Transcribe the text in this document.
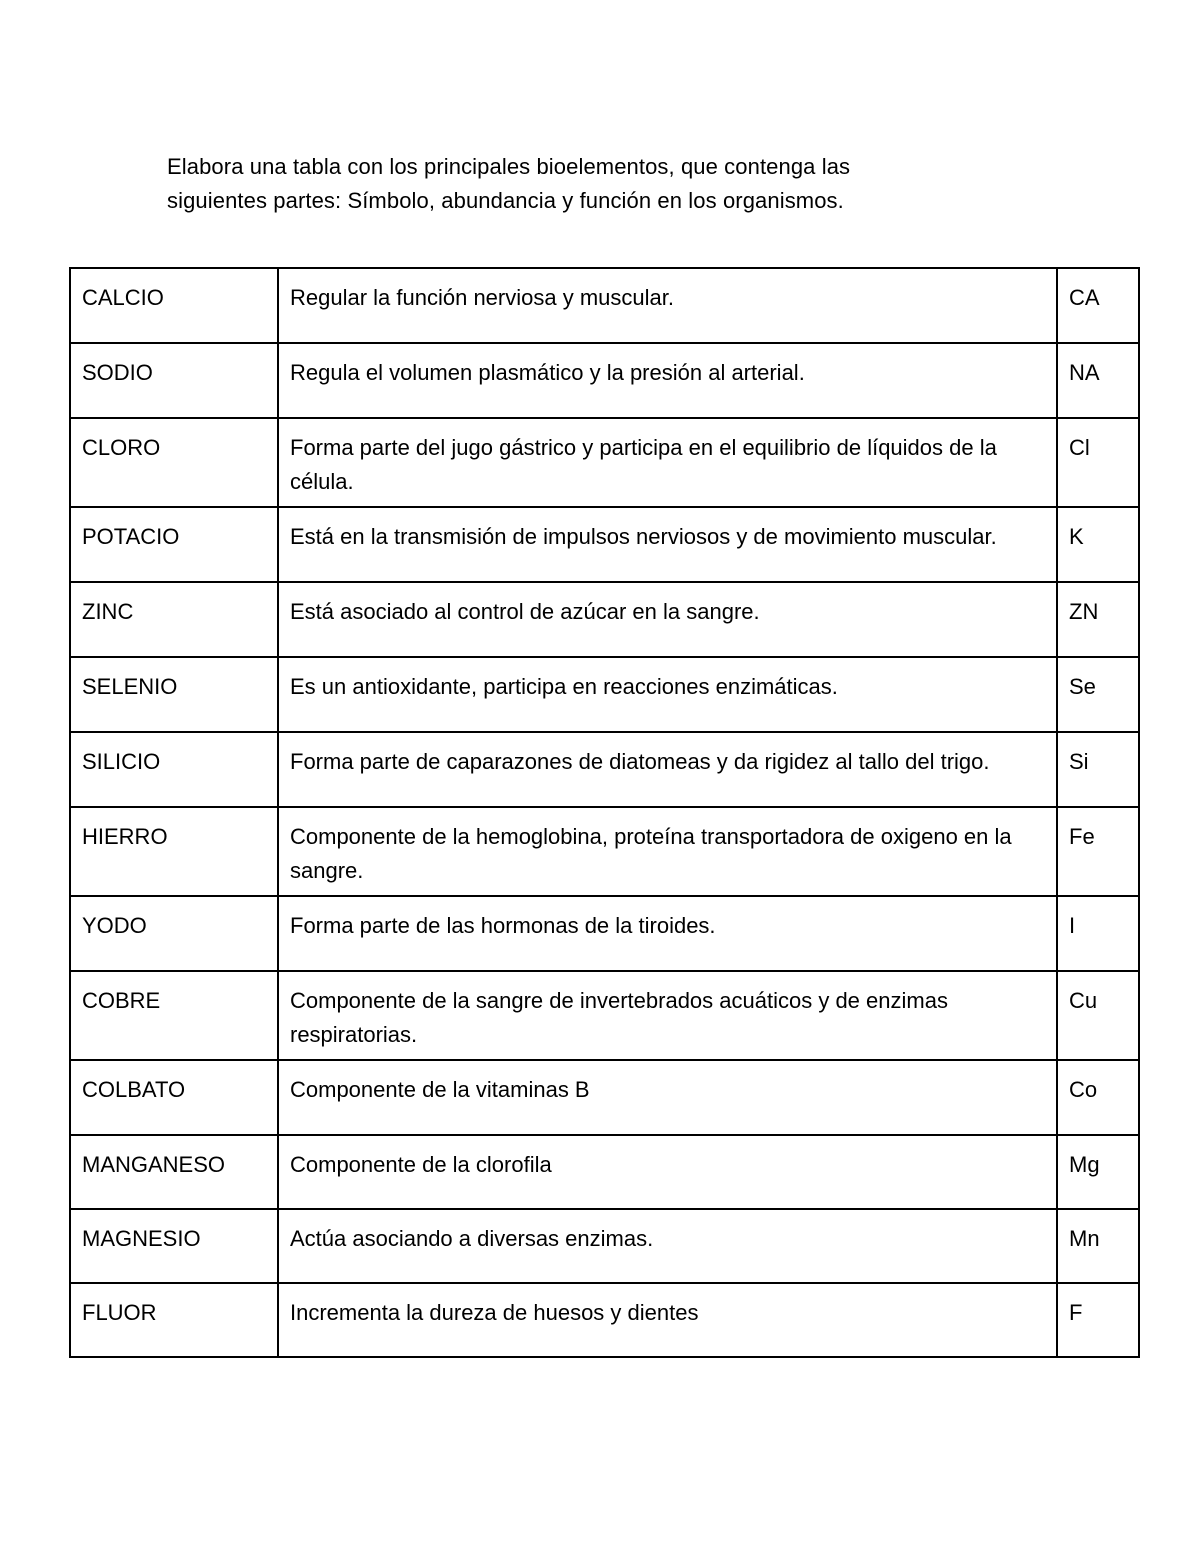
Elabora una tabla con los principales bioelementos, que contenga las

siguientes partes: Símbolo, abundancia y función en los organismos.

CALCIO	Regular la función nerviosa y muscular.	CA
SODIO	Regula el volumen plasmático y la presión al arterial.	NA
CLORO	Forma parte del jugo gástrico y participa en el equilibrio de líquidos de la célula.	Cl
POTACIO	Está en la transmisión de impulsos nerviosos y de movimiento muscular.	K
ZINC	Está asociado al control de azúcar en la sangre.	ZN
SELENIO	Es un antioxidante, participa en reacciones enzimáticas.	Se
SILICIO	Forma parte de caparazones de diatomeas y da rigidez al tallo del trigo.	Si
HIERRO	Componente de la hemoglobina, proteína transportadora de oxigeno en la sangre.	Fe
YODO	Forma parte de las hormonas de la tiroides.	I
COBRE	Componente de la sangre de invertebrados acuáticos y de enzimas respiratorias.	Cu
COLBATO	Componente de la vitaminas B	Co
MANGANESO	Componente de la clorofila	Mg
MAGNESIO	Actúa asociando a diversas enzimas.	Mn
FLUOR	Incrementa la dureza de huesos y dientes	F
